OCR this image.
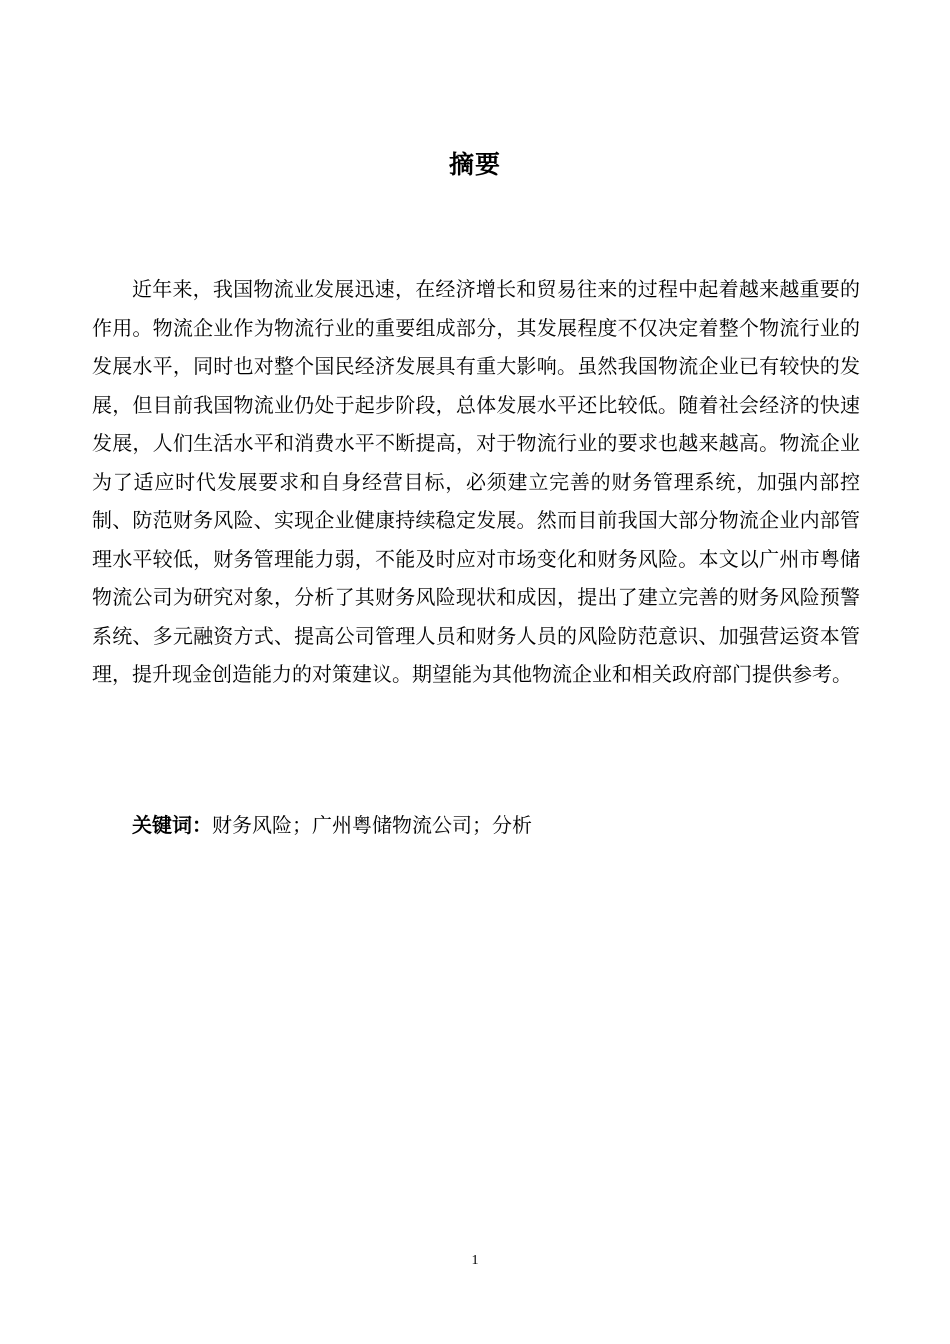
摘要

近年来，我国物流业发展迅速，在经济增长和贸易往来的过程中起着越来越重要的作用。物流企业作为物流行业的重要组成部分，其发展程度不仅决定着整个物流行业的发展水平，同时也对整个国民经济发展具有重大影响。虽然我国物流企业已有较快的发展，但目前我国物流业仍处于起步阶段，总体发展水平还比较低。随着社会经济的快速发展，人们生活水平和消费水平不断提高，对于物流行业的要求也越来越高。物流企业为了适应时代发展要求和自身经营目标，必须建立完善的财务管理系统，加强内部控制、防范财务风险、实现企业健康持续稳定发展。然而目前我国大部分物流企业内部管理水平较低，财务管理能力弱，不能及时应对市场变化和财务风险。本文以广州市粤储物流公司为研究对象，分析了其财务风险现状和成因，提出了建立完善的财务风险预警系统、多元融资方式、提高公司管理人员和财务人员的风险防范意识、加强营运资本管理，提升现金创造能力的对策建议。期望能为其他物流企业和相关政府部门提供参考。

关键词：财务风险；广州粤储物流公司；分析
1
